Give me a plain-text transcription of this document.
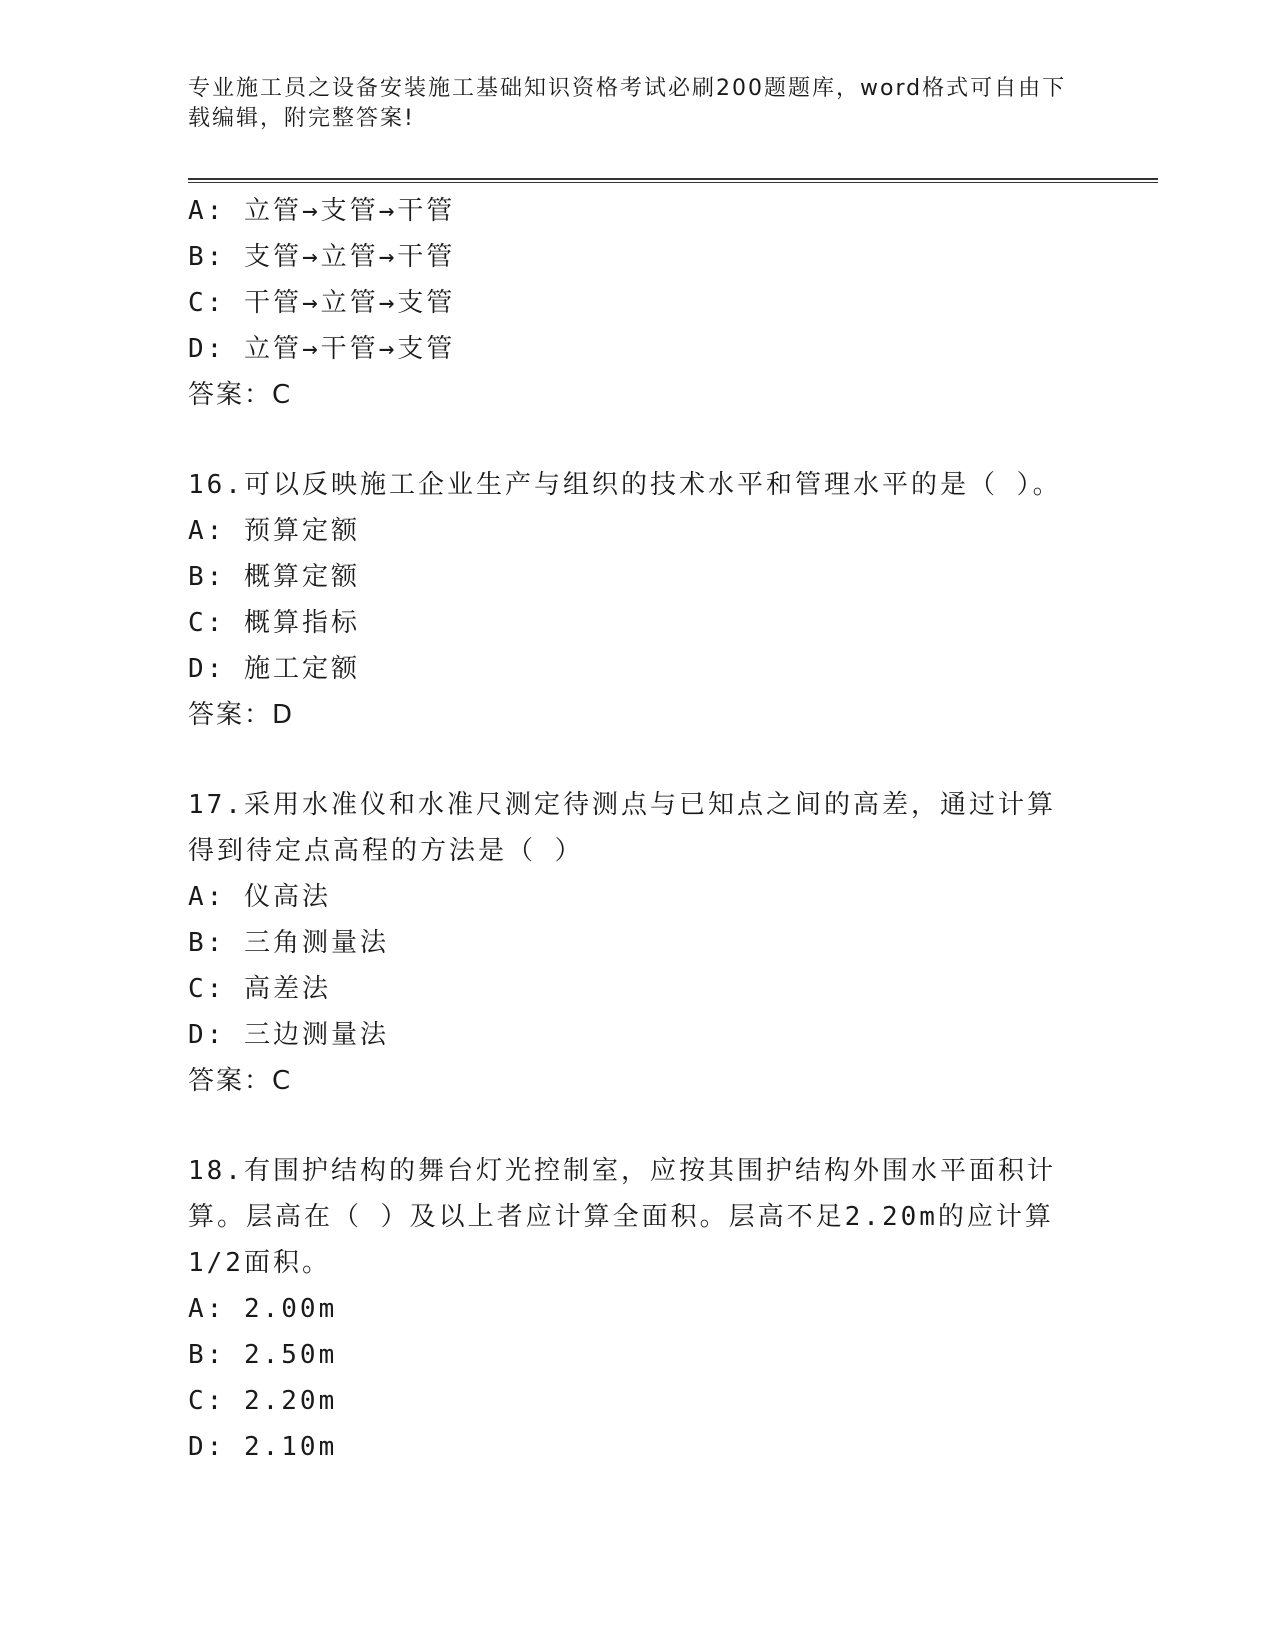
专业施工员之设备安装施工基础知识资格考试必刷200题题库，word格式可自由下载编辑，附完整答案!
A: 立管→支管→干管
B: 支管→立管→干管
C: 干管→立管→支管
D: 立管→干管→支管
答案：C
16.可以反映施工企业生产与组织的技术水平和管理水平的是（ ）。
A: 预算定额
B: 概算定额
C: 概算指标
D: 施工定额
答案：D
17.采用水准仪和水准尺测定待测点与已知点之间的高差，通过计算得到待定点高程的方法是（ ）
A: 仪高法
B: 三角测量法
C: 高差法
D: 三边测量法
答案：C
18.有围护结构的舞台灯光控制室，应按其围护结构外围水平面积计算。层高在（ ）及以上者应计算全面积。层高不足2.20m的应计算1/2面积。
A: 2.00m
B: 2.50m
C: 2.20m
D: 2.10m
